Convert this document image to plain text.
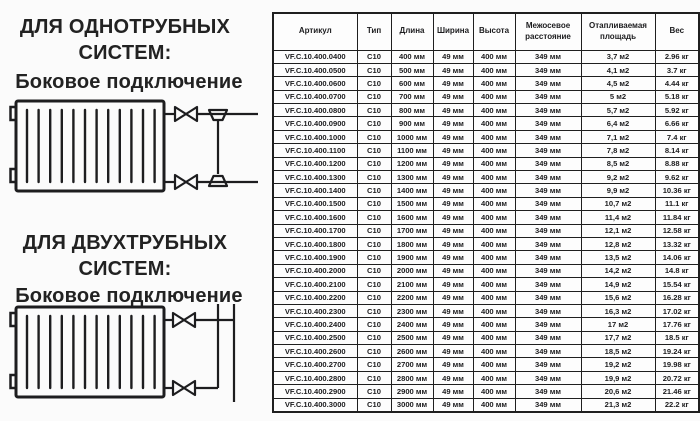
ДЛЯ ОДНОТРУБНЫХ
СИСТЕМ:
Боковое подключение
ДЛЯ ДВУХТРУБНЫХ
СИСТЕМ:
Боковое подключение
Артикул	Тип	Длина	Ширина	Высота	Межосевое расстояние	Отапливаемая площадь	Вес
VF.C.10.400.0400	C10	400 мм	49 мм	400 мм	349 мм	3,7 м2	2.96 кг
VF.C.10.400.0500	C10	500 мм	49 мм	400 мм	349 мм	4,1 м2	3.7 кг
VF.C.10.400.0600	C10	600 мм	49 мм	400 мм	349 мм	4,5 м2	4.44 кг
VF.C.10.400.0700	C10	700 мм	49 мм	400 мм	349 мм	5 м2	5.18 кг
VF.C.10.400.0800	C10	800 мм	49 мм	400 мм	349 мм	5,7 м2	5.92 кг
VF.C.10.400.0900	C10	900 мм	49 мм	400 мм	349 мм	6,4 м2	6.66 кг
VF.C.10.400.1000	C10	1000 мм	49 мм	400 мм	349 мм	7,1 м2	7.4 кг
VF.C.10.400.1100	C10	1100 мм	49 мм	400 мм	349 мм	7,8 м2	8.14 кг
VF.C.10.400.1200	C10	1200 мм	49 мм	400 мм	349 мм	8,5 м2	8.88 кг
VF.C.10.400.1300	C10	1300 мм	49 мм	400 мм	349 мм	9,2 м2	9.62 кг
VF.C.10.400.1400	C10	1400 мм	49 мм	400 мм	349 мм	9,9 м2	10.36 кг
VF.C.10.400.1500	C10	1500 мм	49 мм	400 мм	349 мм	10,7 м2	11.1 кг
VF.C.10.400.1600	C10	1600 мм	49 мм	400 мм	349 мм	11,4 м2	11.84 кг
VF.C.10.400.1700	C10	1700 мм	49 мм	400 мм	349 мм	12,1 м2	12.58 кг
VF.C.10.400.1800	C10	1800 мм	49 мм	400 мм	349 мм	12,8 м2	13.32 кг
VF.C.10.400.1900	C10	1900 мм	49 мм	400 мм	349 мм	13,5 м2	14.06 кг
VF.C.10.400.2000	C10	2000 мм	49 мм	400 мм	349 мм	14,2 м2	14.8 кг
VF.C.10.400.2100	C10	2100 мм	49 мм	400 мм	349 мм	14,9 м2	15.54 кг
VF.C.10.400.2200	C10	2200 мм	49 мм	400 мм	349 мм	15,6 м2	16.28 кг
VF.C.10.400.2300	C10	2300 мм	49 мм	400 мм	349 мм	16,3 м2	17.02 кг
VF.C.10.400.2400	C10	2400 мм	49 мм	400 мм	349 мм	17 м2	17.76 кг
VF.C.10.400.2500	C10	2500 мм	49 мм	400 мм	349 мм	17,7 м2	18.5 кг
VF.C.10.400.2600	C10	2600 мм	49 мм	400 мм	349 мм	18,5 м2	19.24 кг
VF.C.10.400.2700	C10	2700 мм	49 мм	400 мм	349 мм	19,2 м2	19.98 кг
VF.C.10.400.2800	C10	2800 мм	49 мм	400 мм	349 мм	19,9 м2	20.72 кг
VF.C.10.400.2900	C10	2900 мм	49 мм	400 мм	349 мм	20,6 м2	21.46 кг
VF.C.10.400.3000	C10	3000 мм	49 мм	400 мм	349 мм	21,3 м2	22.2 кг
